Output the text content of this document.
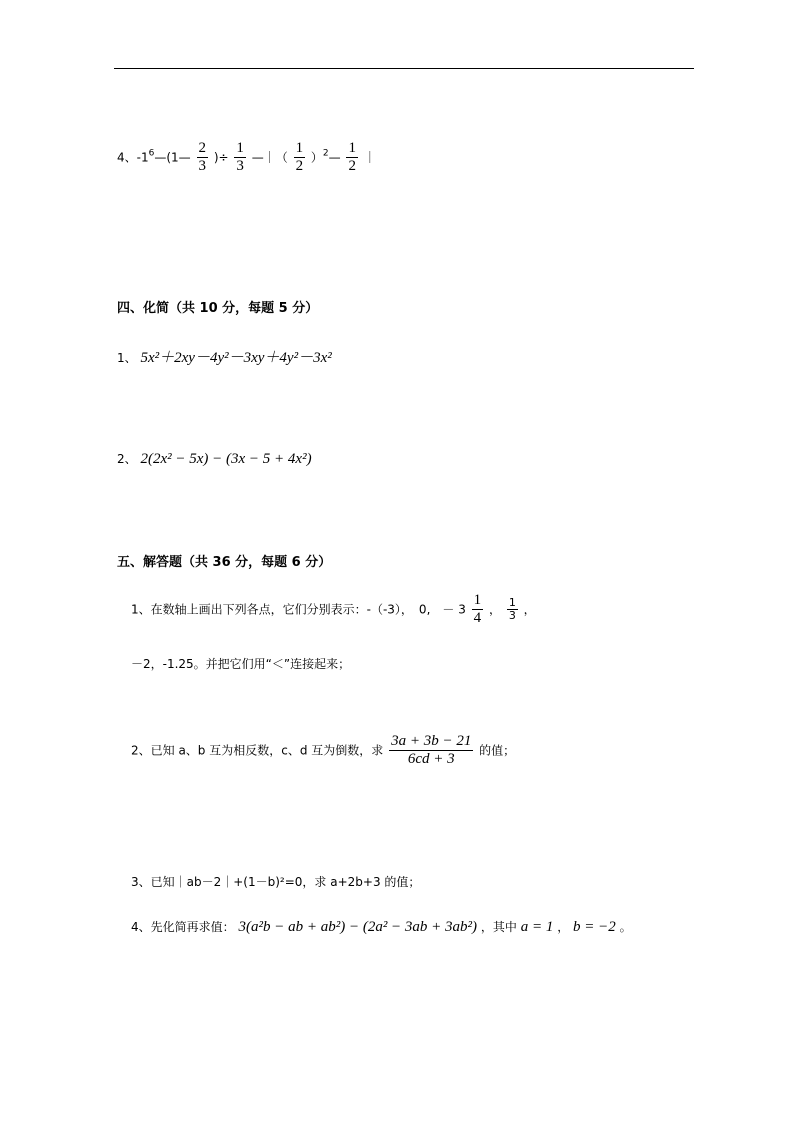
4、$-1^6—(1— \frac{2}{3}$ )÷ $\frac{1}{3}$ —｜（ $\frac{1}{2}$ ）$^2$— $\frac{1}{2}$ ｜
四、化简（共 10 分，每题 5 分）
1、 5x²＋2xy－4y²－3xy＋4y²－3x²
2、 2(2x² − 5x) − (3x − 5 + 4x²)
五、解答题（共 36 分，每题 6 分）
1、在数轴上画出下列各点，它们分别表示：-（-3），　0,　－ $3 \frac{1}{4}$ ， $\frac{1}{3}$ ，
－2，-1.25。并把它们用“＜”连接起来；
2、已知 a、b 互为相反数，c、d 互为倒数，求 $\frac{3a + 3b - 21}{6cd + 3}$ 的值；
3、已知｜ab－2｜+(1－b)²=0，求 a+2b+3 的值；
4、先化简再求值： 3(a²b − ab + ab²) − (2a² − 3ab + 3ab²) ，其中 a = 1 ， b = −2 。
